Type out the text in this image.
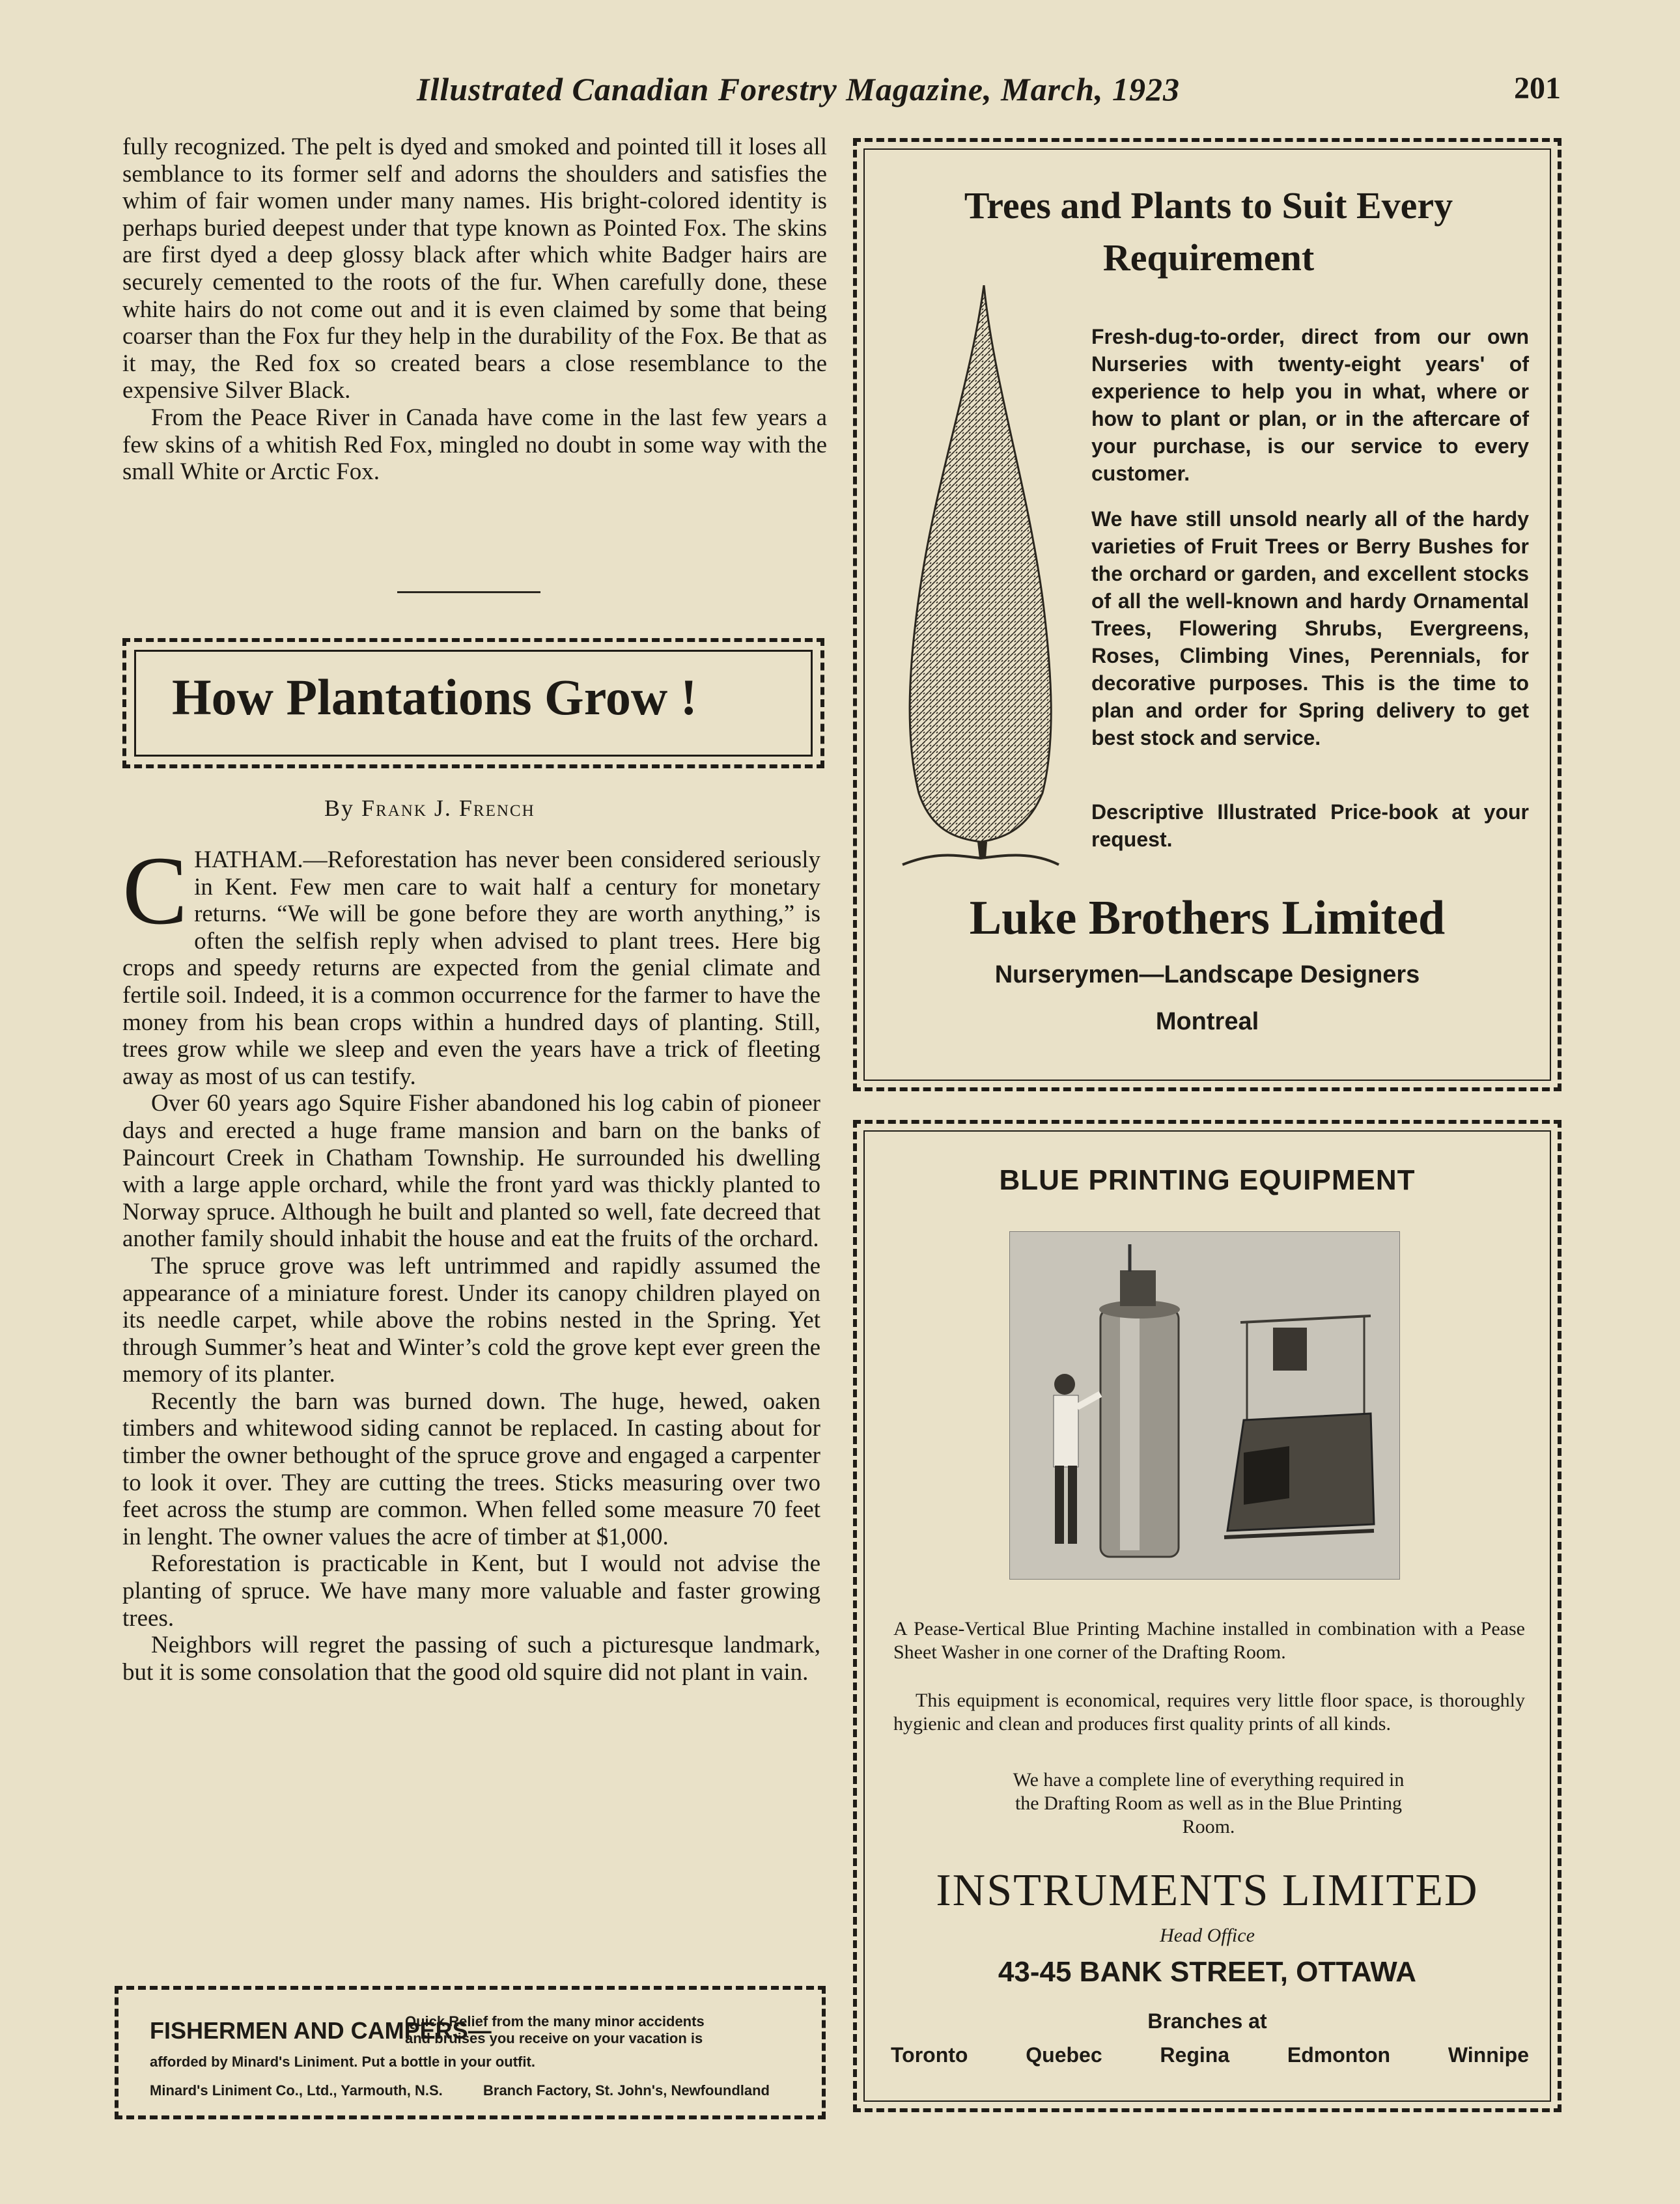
Illustrated Canadian Forestry Magazine, March, 1923	201

fully recognized. The pelt is dyed and smoked and pointed till it loses all semblance to its former self and adorns the shoulders and satisfies the whim of fair women under many names. His bright-colored identity is perhaps buried deepest under that type known as Pointed Fox. The skins are first dyed a deep glossy black after which white Badger hairs are securely cemented to the roots of the fur. When carefully done, these white hairs do not come out and it is even claimed by some that being coarser than the Fox fur they help in the durability of the Fox. Be that as it may, the Red fox so created bears a close resemblance to the expensive Silver Black.

From the Peace River in Canada have come in the last few years a few skins of a whitish Red Fox, mingled no doubt in some way with the small White or Arctic Fox.

How Plantations Grow !
By Frank J. French

CHATHAM.—Reforestation has never been considered seriously in Kent. Few men care to wait half a century for monetary returns. “We will be gone before they are worth anything,” is often the selfish reply when advised to plant trees. Here big crops and speedy returns are expected from the genial climate and fertile soil. Indeed, it is a common occurrence for the farmer to have the money from his bean crops within a hundred days of planting. Still, trees grow while we sleep and even the years have a trick of fleeting away as most of us can testify.

Over 60 years ago Squire Fisher abandoned his log cabin of pioneer days and erected a huge frame mansion and barn on the banks of Paincourt Creek in Chatham Township. He surrounded his dwelling with a large apple orchard, while the front yard was thickly planted to Norway spruce. Although he built and planted so well, fate decreed that another family should inhabit the house and eat the fruits of the orchard.

The spruce grove was left untrimmed and rapidly assumed the appearance of a miniature forest. Under its canopy children played on its needle carpet, while above the robins nested in the Spring. Yet through Summer’s heat and Winter’s cold the grove kept ever green the memory of its planter.

Recently the barn was burned down. The huge, hewed, oaken timbers and whitewood siding cannot be replaced. In casting about for timber the owner bethought of the spruce grove and engaged a carpenter to look it over. They are cutting the trees. Sticks measuring over two feet across the stump are common. When felled some measure 70 feet in lenght. The owner values the acre of timber at $1,000.

Reforestation is practicable in Kent, but I would not advise the planting of spruce. We have many more valuable and faster growing trees.

Neighbors will regret the passing of such a picturesque landmark, but it is some consolation that the good old squire did not plant in vain.

FISHERMEN AND CAMPERS—
Quick Relief from the many minor accidents
and bruises you receive on your vacation is
afforded by Minard's Liniment. Put a bottle in your outfit.
Minard's Liniment Co., Ltd., Yarmouth, N.S.	Branch Factory, St. John's, Newfoundland
Trees and Plants to Suit Every Requirement
Fresh-dug-to-order, direct from our own Nurseries with twenty-eight years' of experience to help you in what, where or how to plant or plan, or in the aftercare of your purchase, is our service to every customer.
We have still unsold nearly all of the hardy varieties of Fruit Trees or Berry Bushes for the orchard or garden, and excellent stocks of all the well-known and hardy Ornamental Trees, Flowering Shrubs, Evergreens, Roses, Climbing Vines, Perennials, for decorative purposes. This is the time to plan and order for Spring delivery to get best stock and service.
Descriptive Illustrated Price-book at your request.
Luke Brothers Limited
Nurserymen—Landscape Designers
Montreal
BLUE PRINTING EQUIPMENT
A Pease-Vertical Blue Printing Machine installed in combination with a Pease Sheet Washer in one corner of the Drafting Room.
This equipment is economical, requires very little floor space, is thoroughly hygienic and clean and produces first quality prints of all kinds.
We have a complete line of everything required in the Drafting Room as well as in the Blue Printing Room.
INSTRUMENTS LIMITED
Head Office
43-45 BANK STREET, OTTAWA
Branches at
Toronto	Quebec	Regina	Edmonton	Winnipe
